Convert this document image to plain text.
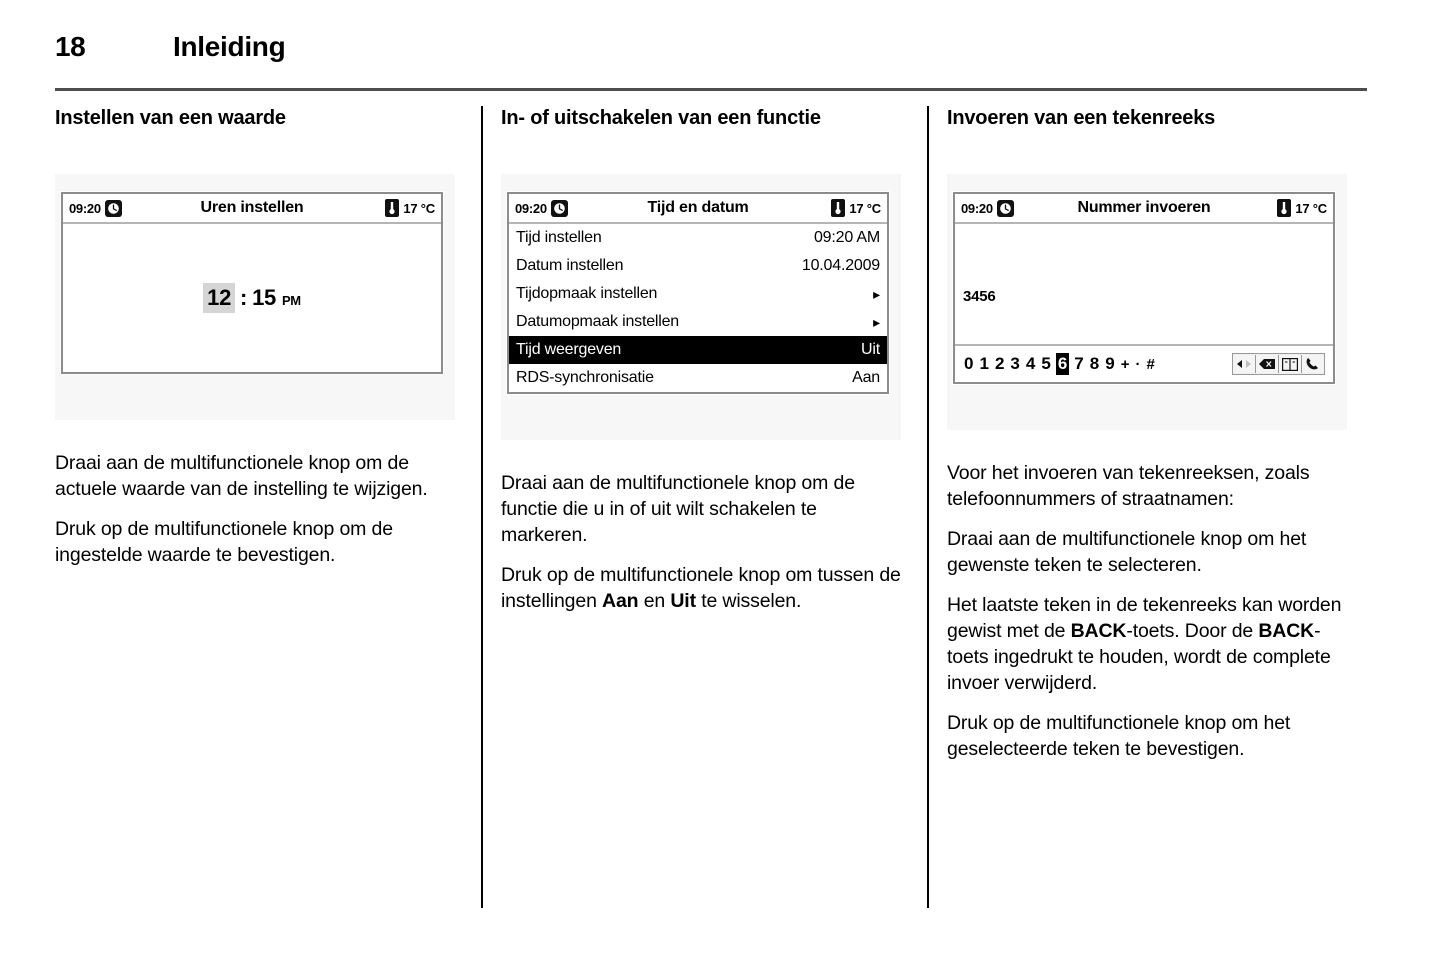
18	Inleiding
Instellen van een waarde
09:20	Uren instellen	17 °C
12 : 15 PM

Draai aan de multifunctionele knop om de actuele waarde van de instelling te wijzigen.

Druk op de multifunctionele knop om de ingestelde waarde te bevestigen.

In- of uitschakelen van een functie
09:20	Tijd en datum	17 °C
Tijd instellen	09:20 AM
Datum instellen	10.04.2009
Tijdopmaak instellen	▸
Datumopmaak instellen	▸
Tijd weergeven	Uit
RDS-synchronisatie	Aan

Draai aan de multifunctionele knop om de functie die u in of uit wilt schakelen te markeren.

Druk op de multifunctionele knop om tussen de instellingen Aan en Uit te wisselen.

Invoeren van een tekenreeks
09:20	Nummer invoeren	17 °C
3456
0 1 2 3 4 5 6 7 8 9 + · #

Voor het invoeren van tekenreeksen, zoals telefoonnummers of straatnamen:

Draai aan de multifunctionele knop om het gewenste teken te selecteren.

Het laatste teken in de tekenreeks kan worden gewist met de BACK-toets. Door de BACK-toets ingedrukt te houden, wordt de complete invoer verwijderd.

Druk op de multifunctionele knop om het geselecteerde teken te bevestigen.
